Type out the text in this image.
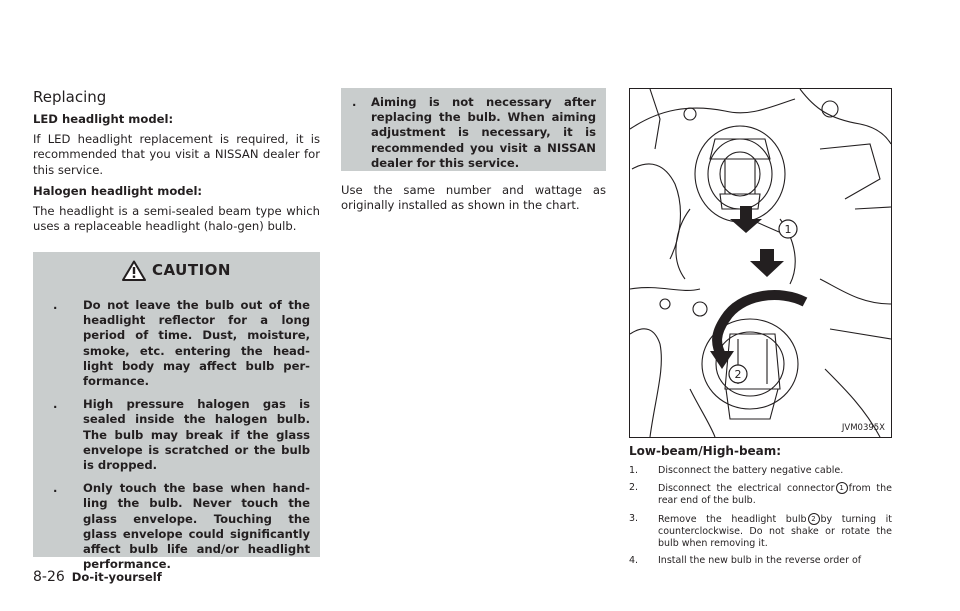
Replacing

LED headlight model:

If LED headlight replacement is required, it is recommended that you visit a NISSAN dealer for this service.

Halogen headlight model:

The headlight is a semi-sealed beam type which uses a replaceable headlight (halo-gen) bulb.

CAUTION
. Do not leave the bulb out of the headlight reflector for a long period of time. Dust, moisture, smoke, etc. entering the head-light body may affect bulb per-formance.
. High pressure halogen gas is sealed inside the halogen bulb. The bulb may break if the glass envelope is scratched or the bulb is dropped.
. Only touch the base when hand-ling the bulb. Never touch the glass envelope. Touching the glass envelope could significantly affect bulb life and/or headlight performance.
. Aiming is not necessary after replacing the bulb. When aiming adjustment is necessary, it is recommended you visit a NISSAN dealer for this service.

Use the same number and wattage as originally installed as shown in the chart.

1
2
JVM0395X

Low-beam/High-beam:

1. Disconnect the battery negative cable.
2. Disconnect the electrical connector 1 from the rear end of the bulb.
3. Remove the headlight bulb 2 by turning it counterclockwise. Do not shake or rotate the bulb when removing it.
4. Install the new bulb in the reverse order of
8-26 Do-it-yourself
